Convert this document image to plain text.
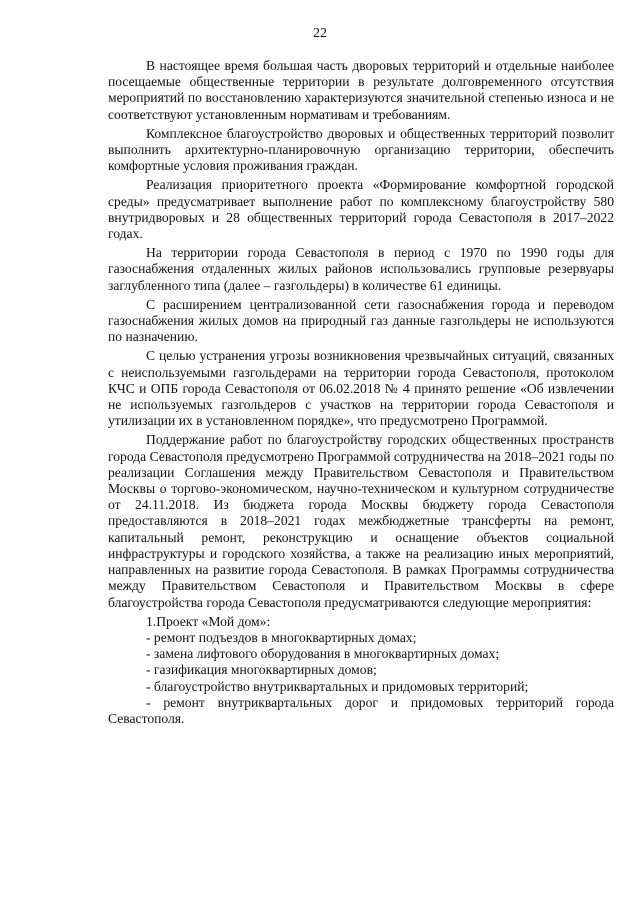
22

В настоящее время большая часть дворовых территорий и отдельные наиболее посещаемые общественные территории в результате долговременного отсутствия мероприятий по восстановлению характеризуются значительной степенью износа и не соответствуют установленным нормативам и требованиям.

Комплексное благоустройство дворовых и общественных территорий позволит выполнить архитектурно-планировочную организацию территории, обеспечить комфортные условия проживания граждан.

Реализация приоритетного проекта «Формирование комфортной городской среды» предусматривает выполнение работ по комплексному благоустройству 580 внутридворовых и 28 общественных территорий города Севастополя в 2017–2022 годах.

На территории города Севастополя в период с 1970 по 1990 годы для газоснабжения отдаленных жилых районов использовались групповые резервуары заглубленного типа (далее – газгольдеры) в количестве 61 единицы.

С расширением централизованной сети газоснабжения города и переводом газоснабжения жилых домов на природный газ данные газгольдеры не используются по назначению.

С целью устранения угрозы возникновения чрезвычайных ситуаций, связанных с неиспользуемыми газгольдерами на территории города Севастополя, протоколом КЧС и ОПБ города Севастополя от 06.02.2018 № 4 принято решение «Об извлечении не используемых газгольдеров с участков на территории города Севастополя и утилизации их в установленном порядке», что предусмотрено Программой.

Поддержание работ по благоустройству городских общественных пространств города Севастополя предусмотрено Программой сотрудничества на 2018–2021 годы по реализации Соглашения между Правительством Севастополя и Правительством Москвы о торгово-экономическом, научно-техническом и культурном сотрудничестве от 24.11.2018. Из бюджета города Москвы бюджету города Севастополя предоставляются в 2018–2021 годах межбюджетные трансферты на ремонт, капитальный ремонт, реконструкцию и оснащение объектов социальной инфраструктуры и городского хозяйства, а также на реализацию иных мероприятий, направленных на развитие города Севастополя. В рамках Программы сотрудничества между Правительством Севастополя и Правительством Москвы в сфере благоустройства города Севастополя предусматриваются следующие мероприятия:

1.Проект «Мой дом»:

- ремонт подъездов в многоквартирных домах;
- замена лифтового оборудования в многоквартирных домах;
- газификация многоквартирных домов;
- благоустройство внутриквартальных и придомовых территорий;
- ремонт внутриквартальных дорог и придомовых территорий города Севастополя.
